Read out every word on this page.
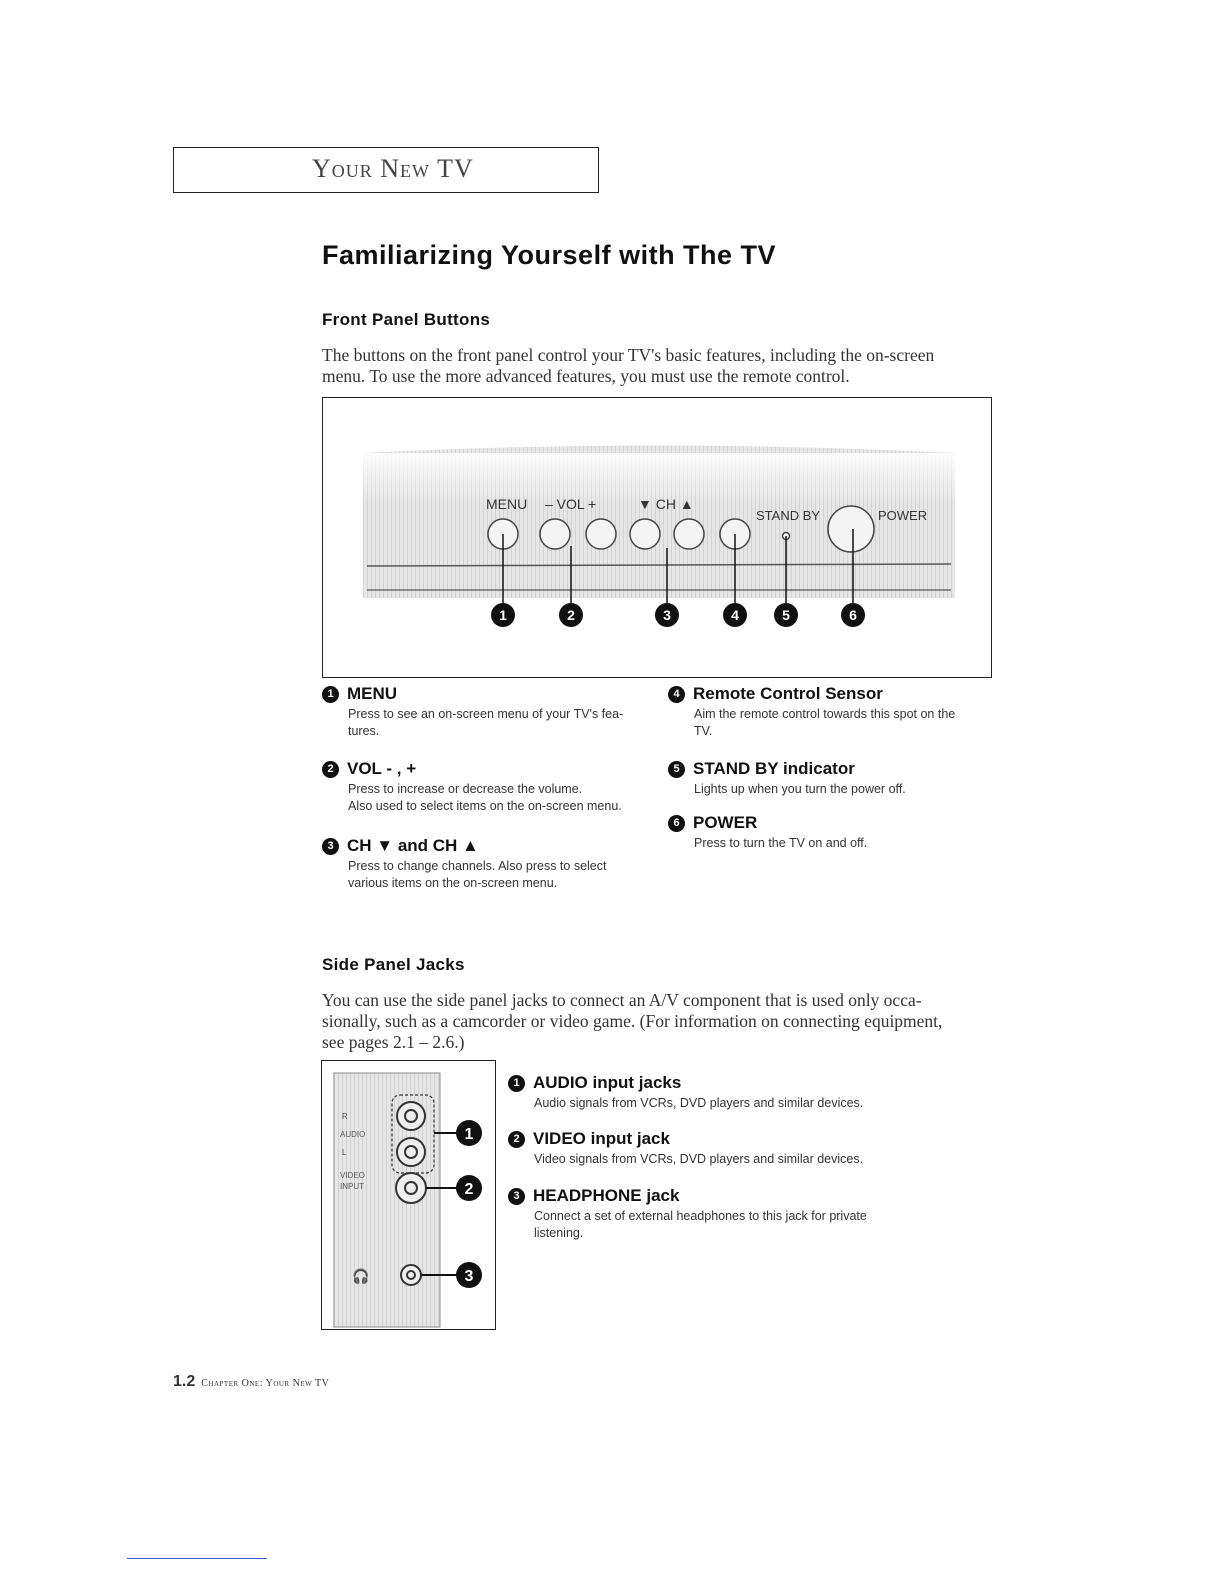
Your New TV
Familiarizing Yourself with The TV
Front Panel Buttons
The buttons on the front panel control your TV's basic features, including the on-screen
menu. To use the more advanced features, you must use the remote control.
MENU – VOL +	▼ CH ▲
STAND BY	POWER
1	2	3	4	5	6
1 MENU
Press to see an on-screen menu of your TV's fea-
tures.
2 VOL - , +
Press to increase or decrease the volume.
Also used to select items on the on-screen menu.
3 CH ▼ and CH ▲
Press to change channels. Also press to select
various items on the on-screen menu.
4 Remote Control Sensor
Aim the remote control towards this spot on the
TV.
5 STAND BY indicator
Lights up when you turn the power off.
6 POWER
Press to turn the TV on and off.
Side Panel Jacks
You can use the side panel jacks to connect an A/V component that is used only occa-
sionally, such as a camcorder or video game. (For information on connecting equipment,
see pages 2.1 – 2.6.)
R
AUDIO
L
VIDEO
INPUT
🎧
1
2
3
1 AUDIO input jacks
Audio signals from VCRs, DVD players and similar devices.
2 VIDEO input jack
Video signals from VCRs, DVD players and similar devices.
3 HEADPHONE jack
Connect a set of external headphones to this jack for private
listening.
1.2 Chapter One: Your New TV
